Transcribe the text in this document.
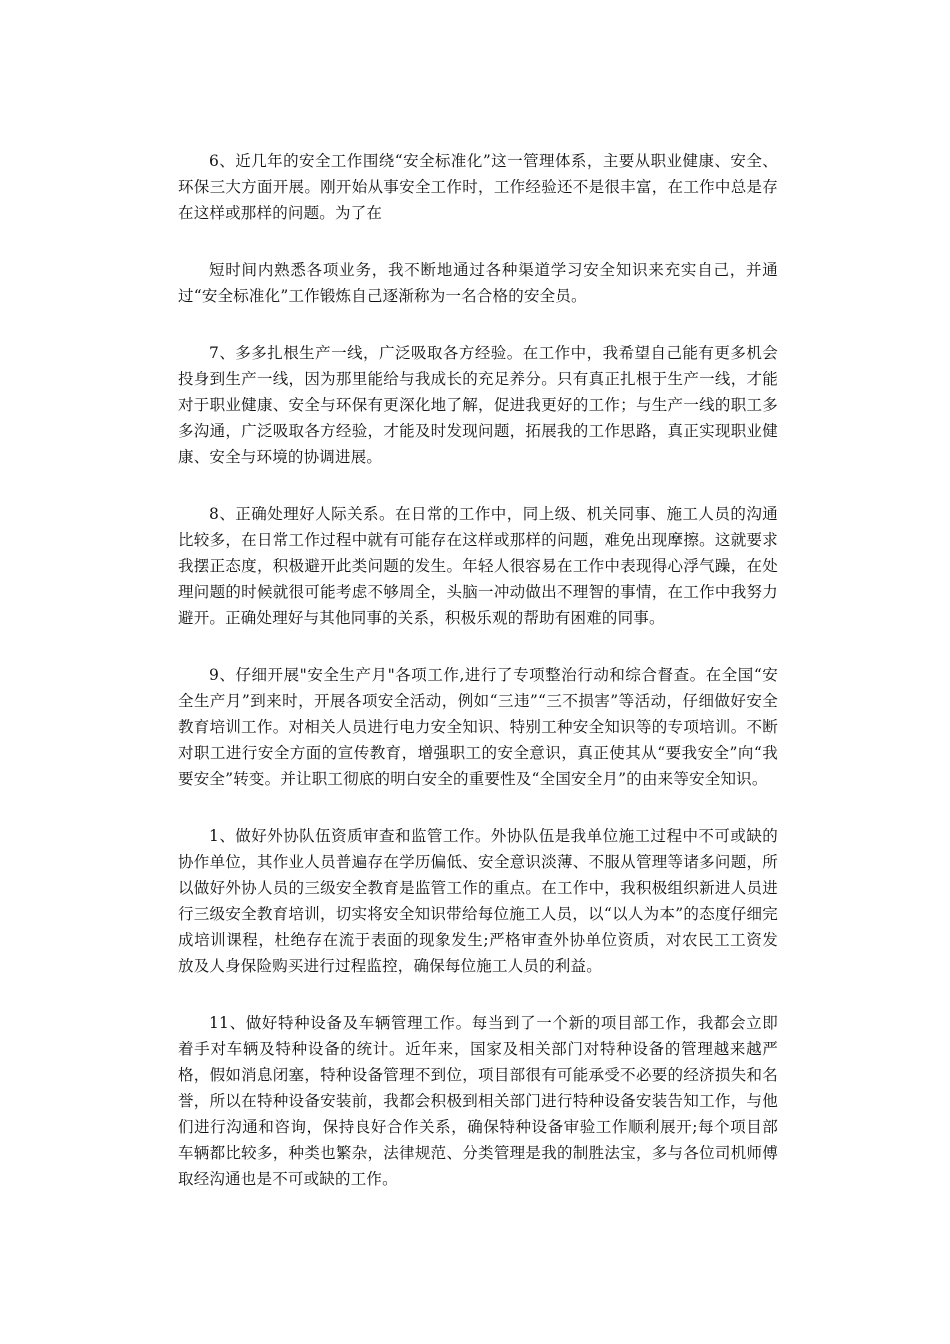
6、近几年的安全工作围绕“安全标准化”这一管理体系，主要从职业健康、安全、环保三大方面开展。刚开始从事安全工作时，工作经验还不是很丰富，在工作中总是存在这样或那样的问题。为了在

短时间内熟悉各项业务，我不断地通过各种渠道学习安全知识来充实自己，并通过“安全标准化”工作锻炼自己逐渐称为一名合格的安全员。

7、多多扎根生产一线，广泛吸取各方经验。在工作中，我希望自己能有更多机会投身到生产一线，因为那里能给与我成长的充足养分。只有真正扎根于生产一线，才能对于职业健康、安全与环保有更深化地了解，促进我更好的工作；与生产一线的职工多多沟通，广泛吸取各方经验，才能及时发现问题，拓展我的工作思路，真正实现职业健康、安全与环境的协调进展。

8、正确处理好人际关系。在日常的工作中，同上级、机关同事、施工人员的沟通比较多，在日常工作过程中就有可能存在这样或那样的问题，难免出现摩擦。这就要求我摆正态度，积极避开此类问题的发生。年轻人很容易在工作中表现得心浮气躁，在处理问题的时候就很可能考虑不够周全，头脑一冲动做出不理智的事情，在工作中我努力避开。正确处理好与其他同事的关系，积极乐观的帮助有困难的同事。

9、仔细开展"安全生产月"各项工作,进行了专项整治行动和综合督查。在全国“安全生产月”到来时，开展各项安全活动，例如“三违”“三不损害”等活动，仔细做好安全教育培训工作。对相关人员进行电力安全知识、特别工种安全知识等的专项培训。不断对职工进行安全方面的宣传教育，增强职工的安全意识，真正使其从“要我安全”向“我要安全”转变。并让职工彻底的明白安全的重要性及“全国安全月”的由来等安全知识。

1、做好外协队伍资质审查和监管工作。外协队伍是我单位施工过程中不可或缺的协作单位，其作业人员普遍存在学历偏低、安全意识淡薄、不服从管理等诸多问题，所以做好外协人员的三级安全教育是监管工作的重点。在工作中，我积极组织新进人员进行三级安全教育培训，切实将安全知识带给每位施工人员，以“以人为本”的态度仔细完成培训课程，杜绝存在流于表面的现象发生;严格审查外协单位资质，对农民工工资发放及人身保险购买进行过程监控，确保每位施工人员的利益。

11、做好特种设备及车辆管理工作。每当到了一个新的项目部工作，我都会立即着手对车辆及特种设备的统计。近年来，国家及相关部门对特种设备的管理越来越严格，假如消息闭塞，特种设备管理不到位，项目部很有可能承受不必要的经济损失和名誉，所以在特种设备安装前，我都会积极到相关部门进行特种设备安装告知工作，与他们进行沟通和咨询，保持良好合作关系，确保特种设备审验工作顺利展开;每个项目部车辆都比较多，种类也繁杂，法律规范、分类管理是我的制胜法宝，多与各位司机师傅取经沟通也是不可或缺的工作。
